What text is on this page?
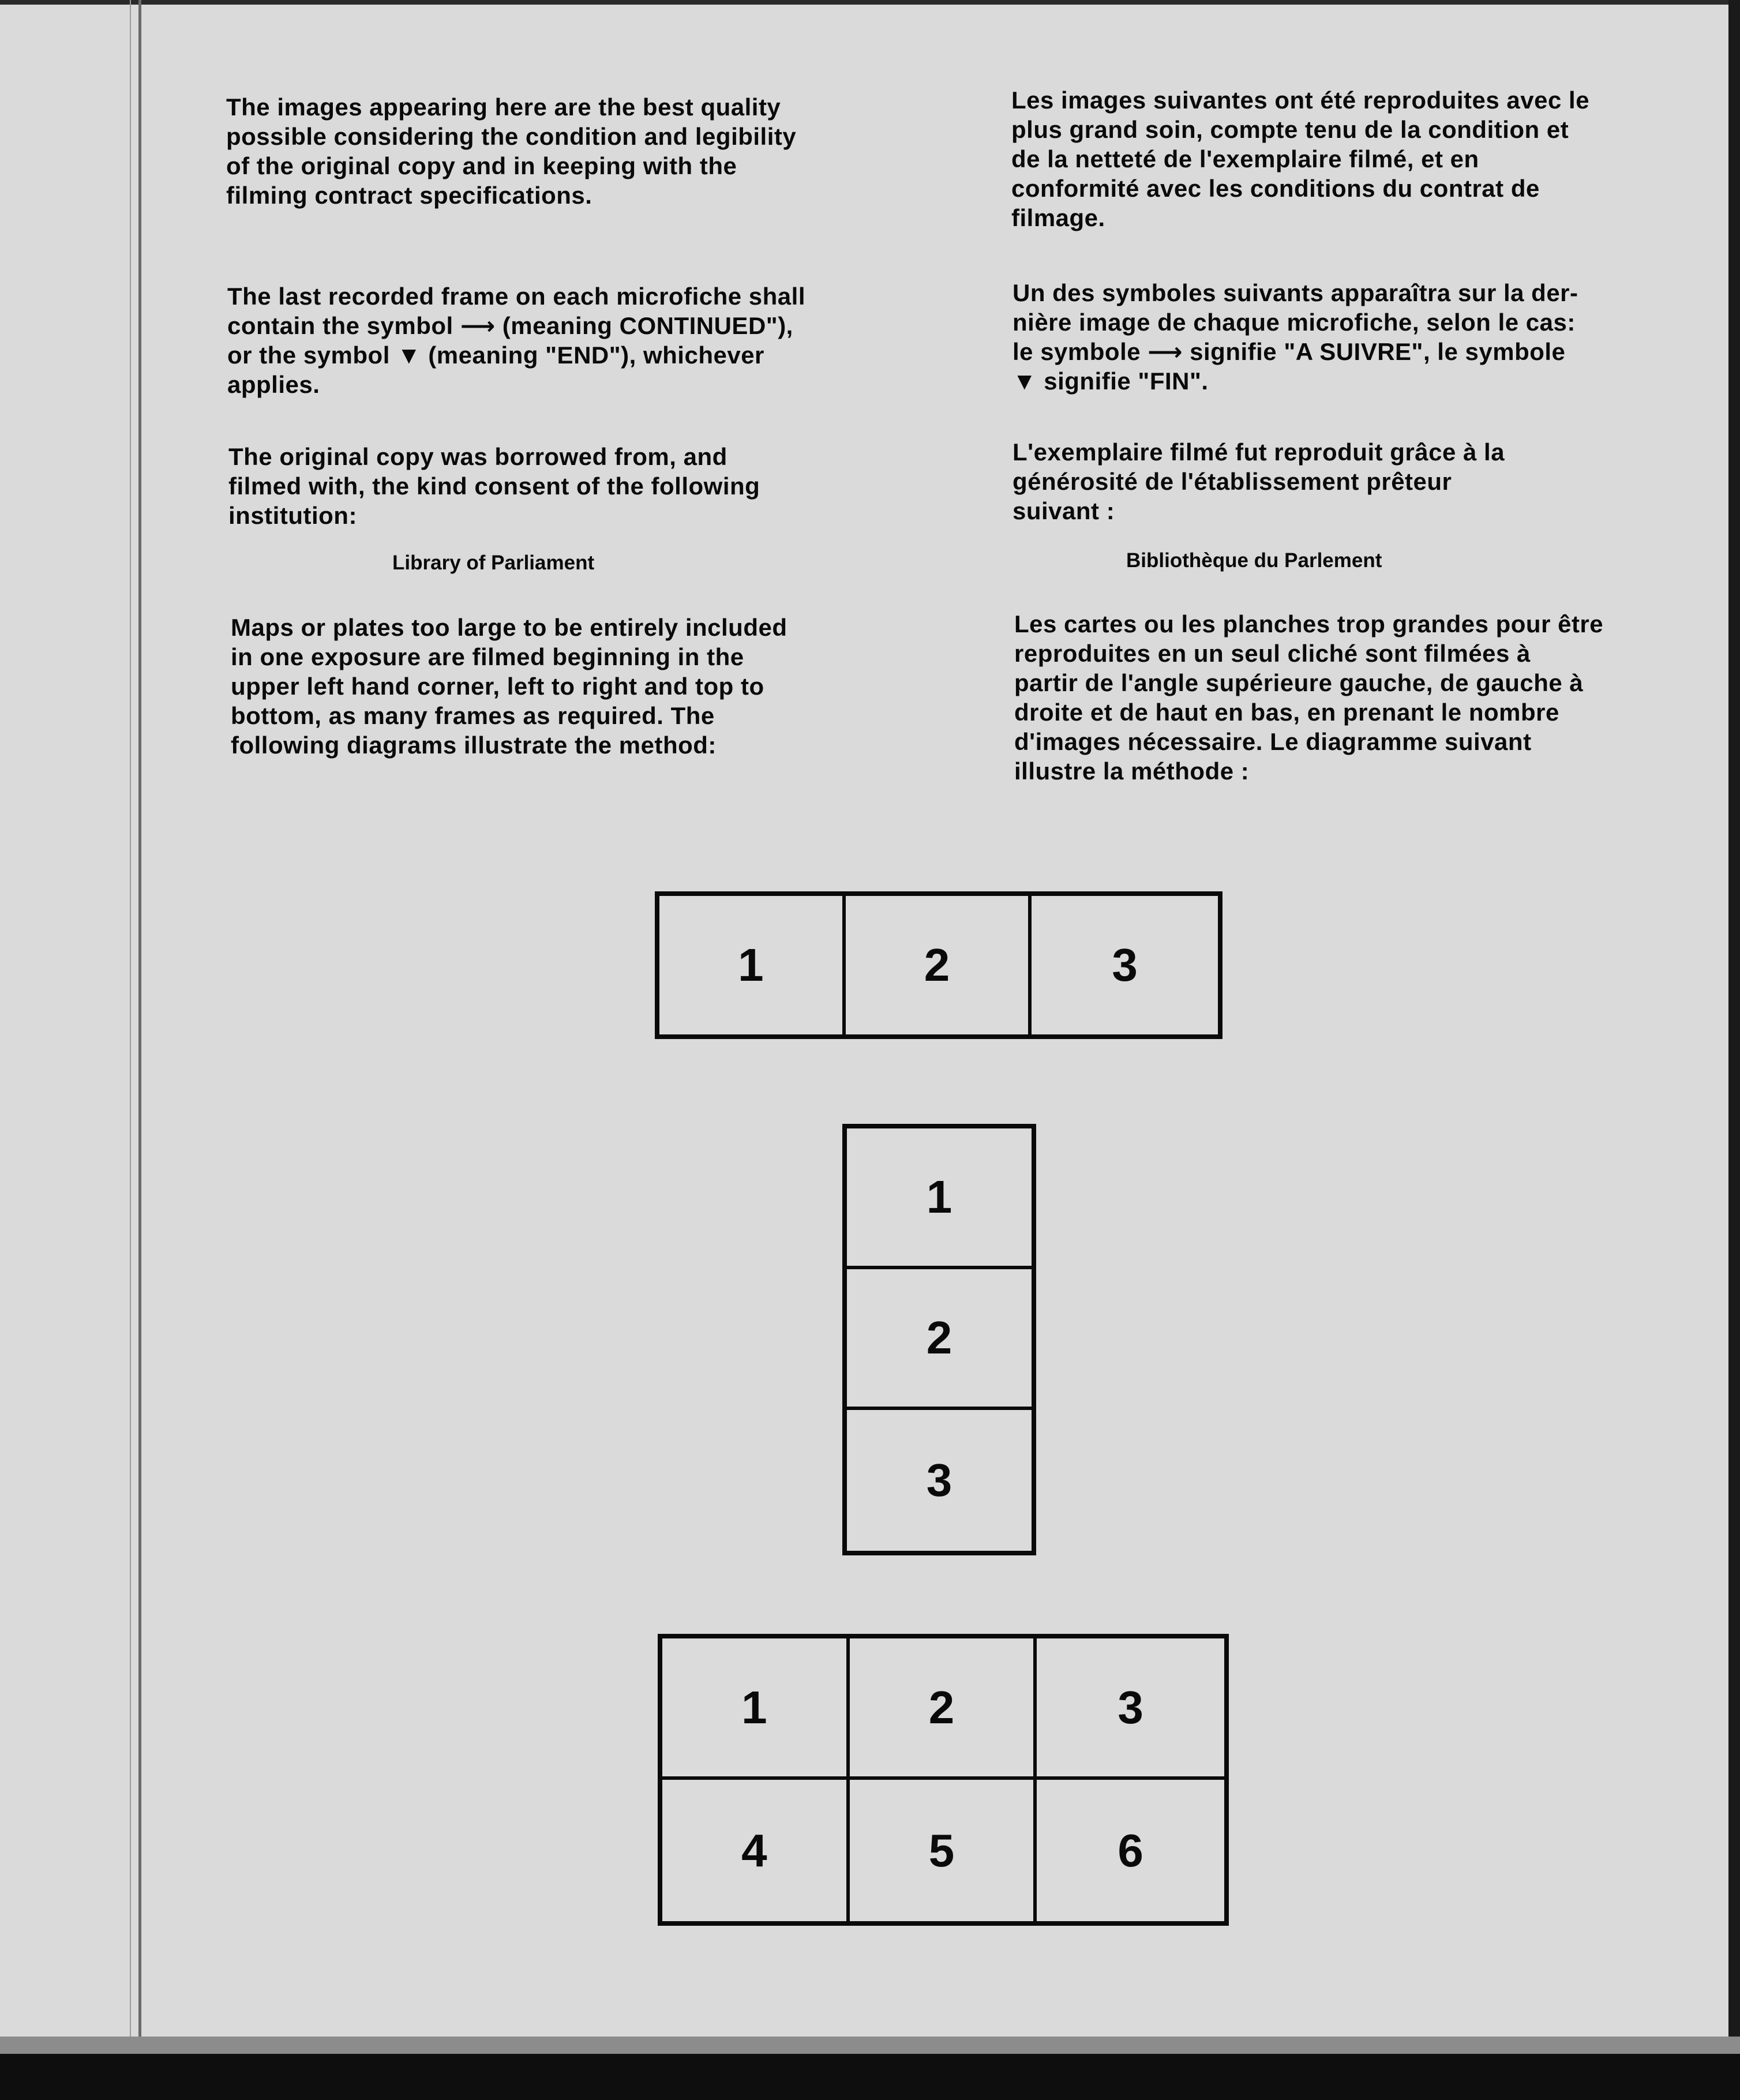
The images appearing here are the best quality
possible considering the condition and legibility
of the original copy and in keeping with the
filming contract specifications.

The last recorded frame on each microfiche shall
contain the symbol ⟶ (meaning CONTINUED"),
or the symbol ▼ (meaning "END"), whichever
applies.

The original copy was borrowed from, and
filmed with, the kind consent of the following
institution:

Library of Parliament

Maps or plates too large to be entirely included
in one exposure are filmed beginning in the
upper left hand corner, left to right and top to
bottom, as many frames as required. The
following diagrams illustrate the method:

Les images suivantes ont été reproduites avec le
plus grand soin, compte tenu de la condition et
de la netteté de l'exemplaire filmé, et en
conformité avec les conditions du contrat de
filmage.

Un des symboles suivants apparaîtra sur la der-
nière image de chaque microfiche, selon le cas:
le symbole ⟶ signifie "A SUIVRE", le symbole
▼ signifie "FIN".

L'exemplaire filmé fut reproduit grâce à la
générosité de l'établissement prêteur
suivant :

Bibliothèque du Parlement

Les cartes ou les planches trop grandes pour être
reproduites en un seul cliché sont filmées à
partir de l'angle supérieure gauche, de gauche à
droite et de haut en bas, en prenant le nombre
d'images nécessaire. Le diagramme suivant
illustre la méthode :

1	2	3
1
2
3
1	2	3
4	5	6
